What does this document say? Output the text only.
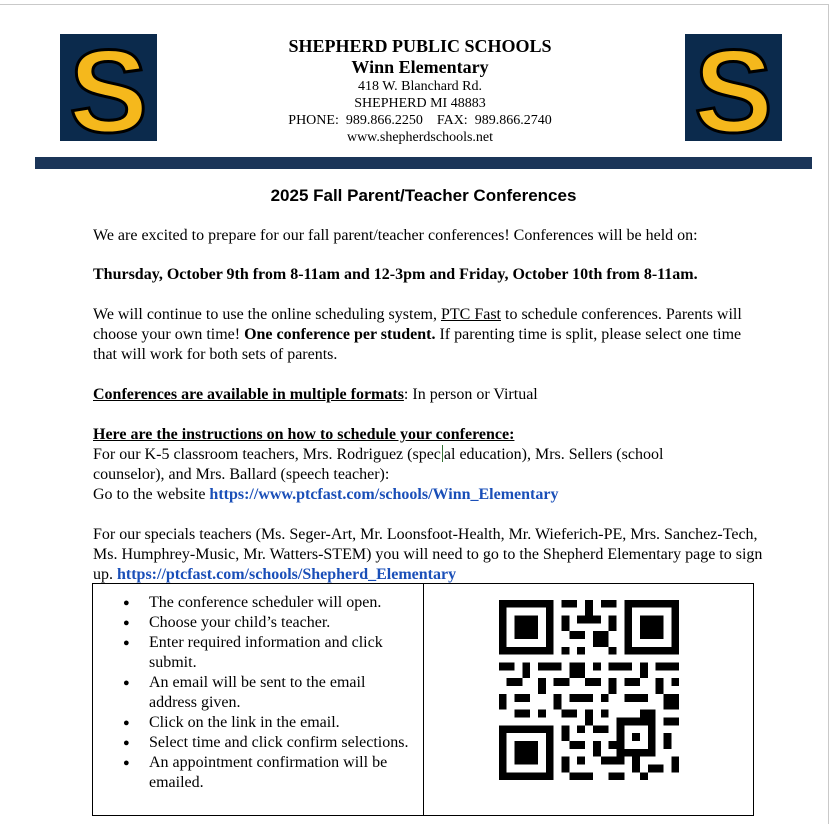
S	SHEPHERD PUBLIC SCHOOLS
Winn Elementary
418 W. Blanchard Rd.
SHEPHERD MI 48883
PHONE:  989.866.2250    FAX:  989.866.2740
www.shepherdschools.net	S
2025 Fall Parent/Teacher Conferences
We are excited to prepare for our fall parent/teacher conferences! Conferences will be held on:
Thursday, October 9th from 8-11am and 12-3pm and Friday, October 10th from 8-11am.
We will continue to use the online scheduling system, PTC Fast to schedule conferences. Parents will choose your own time! One conference per student. If parenting time is split, please select one time that will work for both sets of parents.
Conferences are available in multiple formats: In person or Virtual
Here are the instructions on how to schedule your conference:
For our K-5 classroom teachers, Mrs. Rodriguez (spec al education), Mrs. Sellers (school counselor), and Mrs. Ballard (speech teacher):
Go to the website https://www.ptcfast.com/schools/Winn_Elementary
For our specials teachers (Ms. Seger-Art, Mr. Loonsfoot-Health, Mr. Wieferich-PE, Mrs. Sanchez-Tech, Ms. Humphrey-Music, Mr. Watters-STEM) you will need to go to the Shepherd Elementary page to sign up. https://ptcfast.com/schools/Shepherd_Elementary
● The conference scheduler will open.
● Choose your child’s teacher.
● Enter required information and click submit.
● An email will be sent to the email address given.
● Click on the link in the email.
● Select time and click confirm selections.
● An appointment confirmation will be emailed.
